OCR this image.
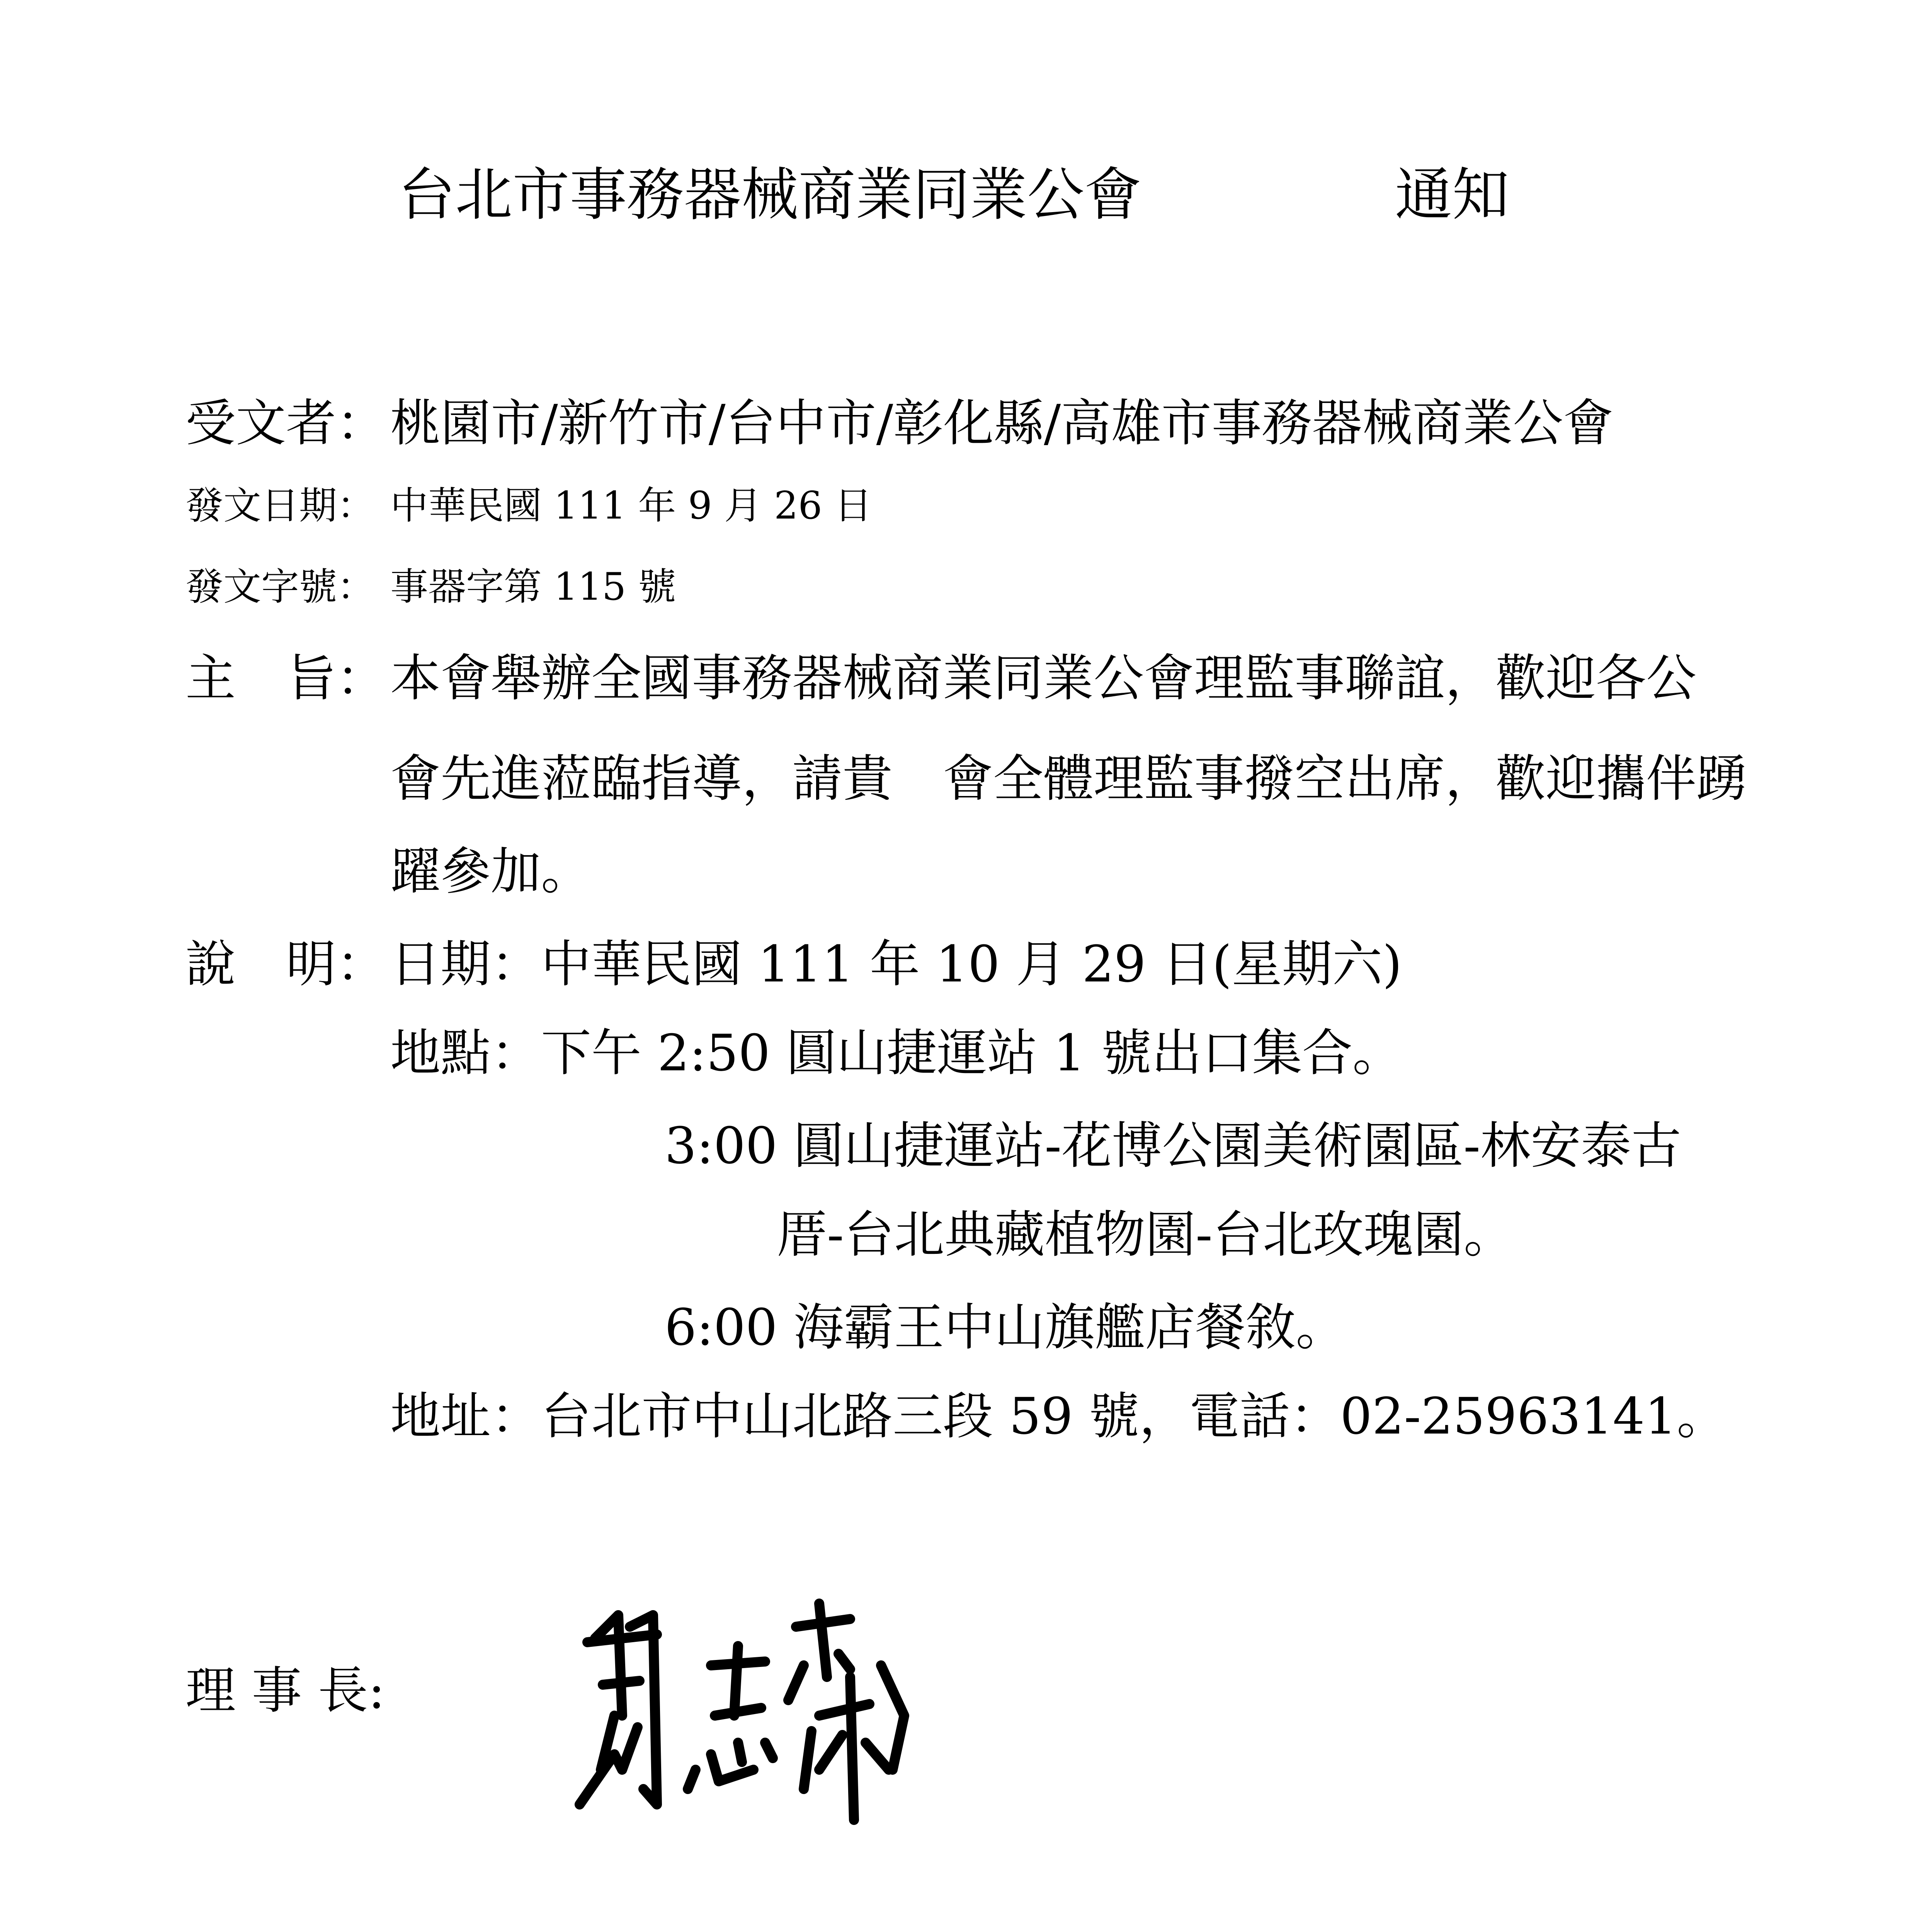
台北市事務器械商業同業公會	通知
受文者： 桃園市/新竹市/台中市/彰化縣/高雄市事務器械商業公會
發文日期： 中華民國 111 年 9 月 26 日
發文字號： 事器字第 115 號
主　旨： 本會舉辦全國事務器械商業同業公會理監事聯誼，歡迎各公
會先進蒞臨指導，請貴　會全體理監事撥空出席，歡迎攜伴踴
躍參加。
說　明： 日期：中華民國 111 年 10 月 29 日(星期六)
地點：下午 2:50 圓山捷運站 1 號出口集合。
3:00 圓山捷運站-花博公園美術園區-林安泰古
厝-台北典藏植物園-台北玫瑰園。
6:00 海霸王中山旗艦店餐敘。
地址：台北市中山北路三段 59 號，電話：02-25963141。
理 事 長:
